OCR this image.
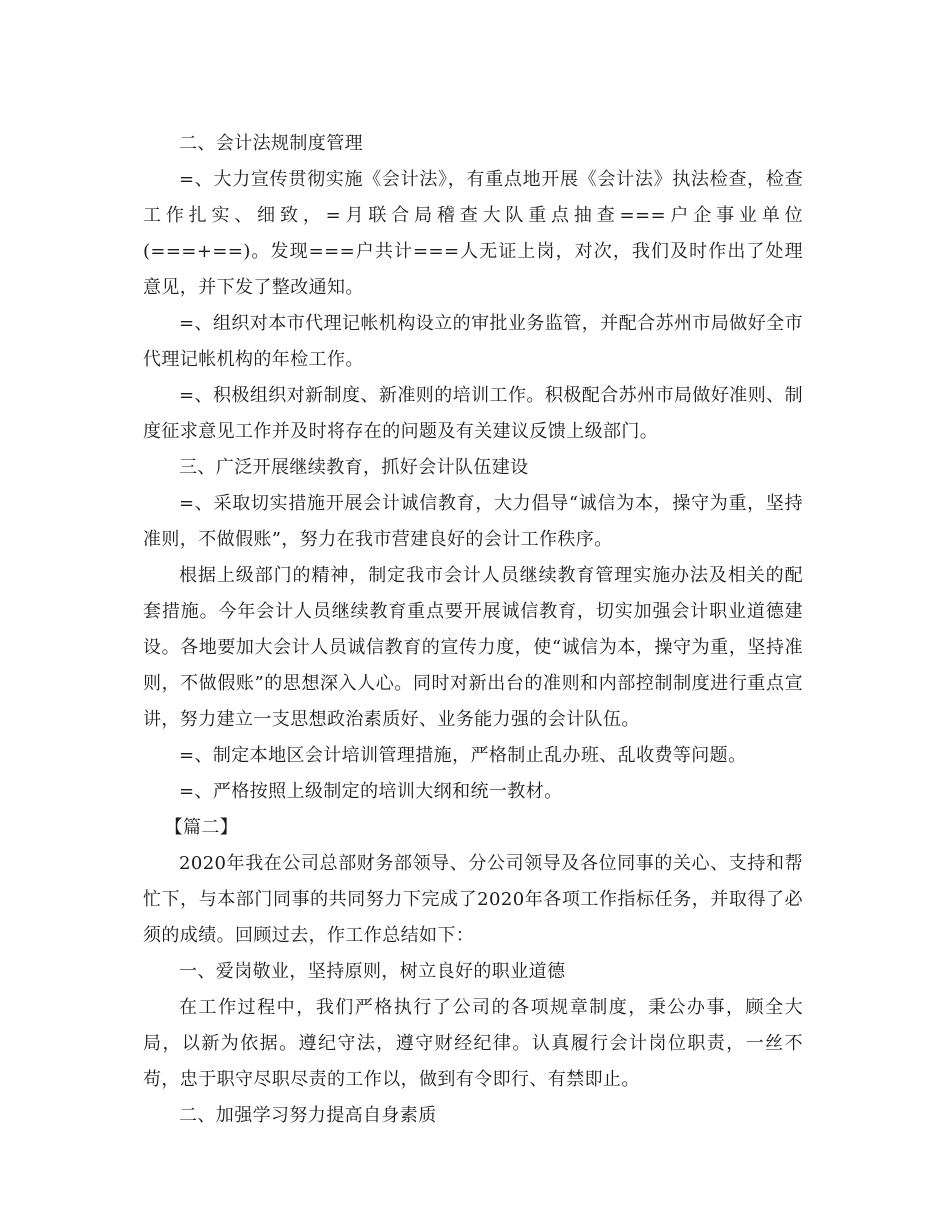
二、会计法规制度管理

=、大力宣传贯彻实施《会计法》，有重点地开展《会计法》执法检查，检查工作扎实、细致，=月联合局稽查大队重点抽查===户企事业单位(===+==)。发现===户共计===人无证上岗，对次，我们及时作出了处理意见，并下发了整改通知。

=、组织对本市代理记帐机构设立的审批业务监管，并配合苏州市局做好全市代理记帐机构的年检工作。

=、积极组织对新制度、新准则的培训工作。积极配合苏州市局做好准则、制度征求意见工作并及时将存在的问题及有关建议反馈上级部门。

三、广泛开展继续教育，抓好会计队伍建设

=、采取切实措施开展会计诚信教育，大力倡导“诚信为本，操守为重，坚持准则，不做假账”，努力在我市营建良好的会计工作秩序。

根据上级部门的精神，制定我市会计人员继续教育管理实施办法及相关的配套措施。今年会计人员继续教育重点要开展诚信教育，切实加强会计职业道德建设。各地要加大会计人员诚信教育的宣传力度，使“诚信为本，操守为重，坚持准则，不做假账”的思想深入人心。同时对新出台的准则和内部控制制度进行重点宣讲，努力建立一支思想政治素质好、业务能力强的会计队伍。

=、制定本地区会计培训管理措施，严格制止乱办班、乱收费等问题。

=、严格按照上级制定的培训大纲和统一教材。

【篇二】

2020年我在公司总部财务部领导、分公司领导及各位同事的关心、支持和帮忙下，与本部门同事的共同努力下完成了2020年各项工作指标任务，并取得了必须的成绩。回顾过去，作工作总结如下：

一、爱岗敬业，坚持原则，树立良好的职业道德

在工作过程中，我们严格执行了公司的各项规章制度，秉公办事，顾全大局，以新为依据。遵纪守法，遵守财经纪律。认真履行会计岗位职责，一丝不苟，忠于职守尽职尽责的工作以，做到有令即行、有禁即止。

二、加强学习努力提高自身素质
